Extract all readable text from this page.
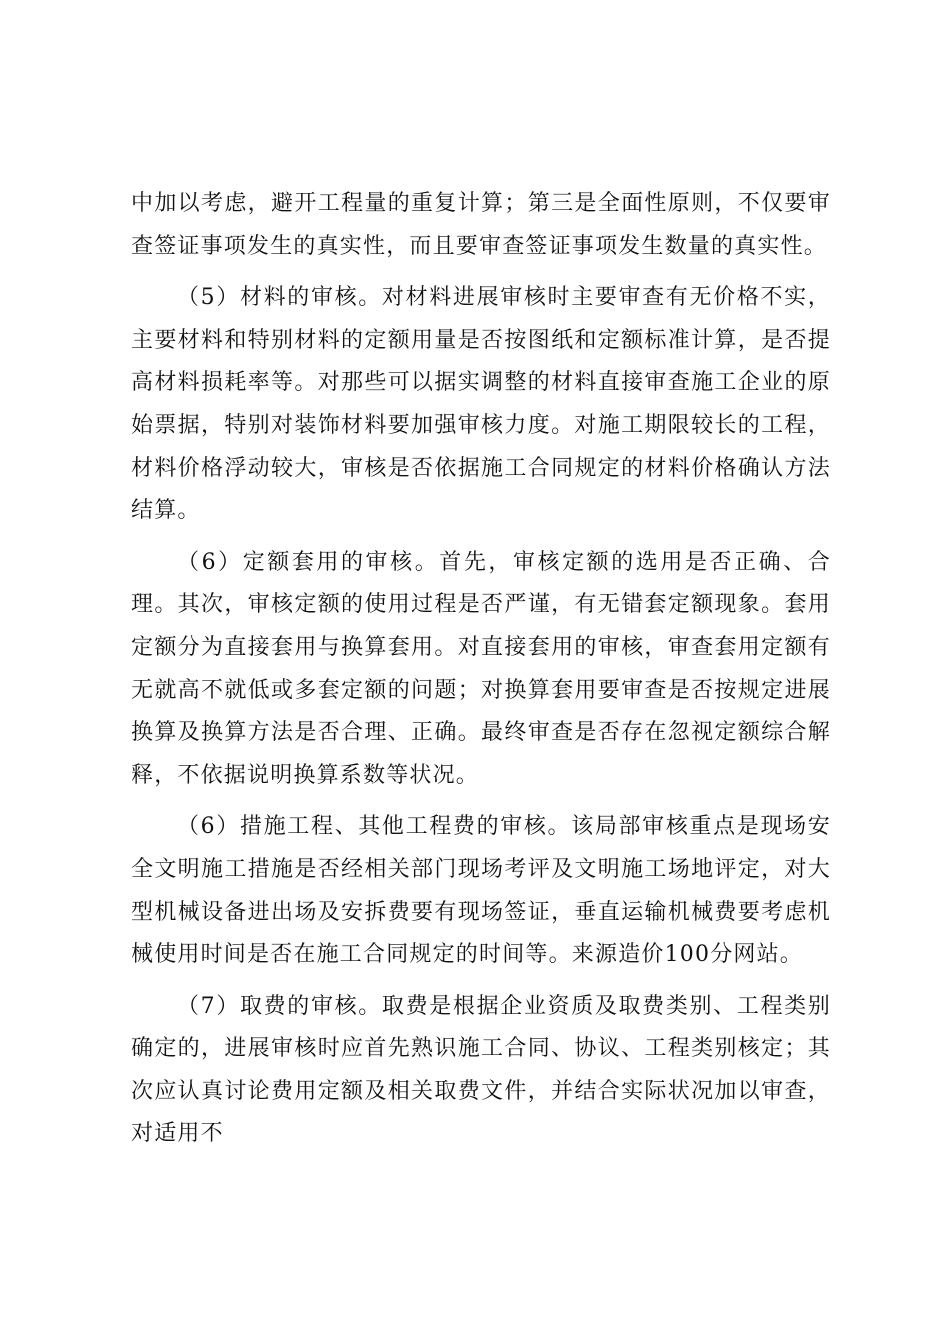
中加以考虑，避开工程量的重复计算；第三是全面性原则，不仅要审查签证事项发生的真实性，而且要审查签证事项发生数量的真实性。

（5）材料的审核。对材料进展审核时主要审查有无价格不实，主要材料和特别材料的定额用量是否按图纸和定额标准计算，是否提高材料损耗率等。对那些可以据实调整的材料直接审查施工企业的原始票据，特别对装饰材料要加强审核力度。对施工期限较长的工程，材料价格浮动较大，审核是否依据施工合同规定的材料价格确认方法结算。

（6）定额套用的审核。首先，审核定额的选用是否正确、合理。其次，审核定额的使用过程是否严谨，有无错套定额现象。套用定额分为直接套用与换算套用。对直接套用的审核，审查套用定额有无就高不就低或多套定额的问题；对换算套用要审查是否按规定进展换算及换算方法是否合理、正确。最终审查是否存在忽视定额综合解释，不依据说明换算系数等状况。

（6）措施工程、其他工程费的审核。该局部审核重点是现场安全文明施工措施是否经相关部门现场考评及文明施工场地评定，对大型机械设备进出场及安拆费要有现场签证，垂直运输机械费要考虑机械使用时间是否在施工合同规定的时间等。来源造价100分网站。

（7）取费的审核。取费是根据企业资质及取费类别、工程类别确定的，进展审核时应首先熟识施工合同、协议、工程类别核定；其次应认真讨论费用定额及相关取费文件，并结合实际状况加以审查，对适用不
